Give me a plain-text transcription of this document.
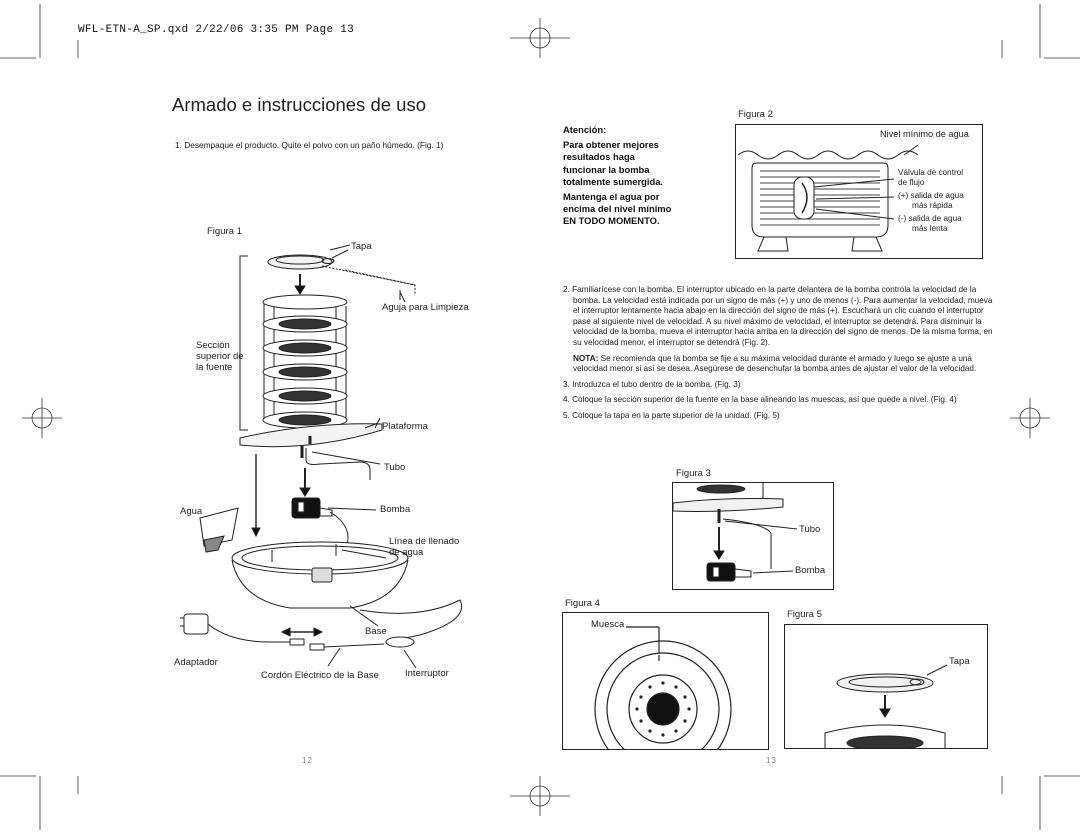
WFL-ETN-A_SP.qxd 2/22/06 3:35 PM Page 13
Armado e instrucciones de uso
1. Desempaque el producto. Quite el polvo con un paño húmedo. (Fig. 1)
Figura 1
Tapa
Aguja para Limpieza
Sección
superior de
la fuente
Plataforma
Tubo
Agua	Bomba
Línea de llenado
de agua
Base
Adaptador
Cordón Eléctrico de la Base	Interruptor
12

Atención:

Para obtener mejores
resultados haga
funcionar la bomba
totalmente sumergida.

Mantenga el agua por
encima del nivel mínimo
EN TODO MOMENTO.

Figura 2
Nivel mínimo de agua
Válvula de control
de flujo
(+) salida de agua
más rápida
(-) salida de agua
más lenta

2. Familiarícese con la bomba. El interruptor ubicado en la parte delantera de la bomba controla la velocidad de la bomba. La velocidad está indicada por un signo de más (+) y uno de menos (-). Para aumentar la velocidad, mueva el interruptor lentamente hacia abajo en la dirección del signo de más (+). Escuchará un clic cuando el interruptor pase al siguiente nivel de velocidad. A su nivel máximo de velocidad, el interruptor se detendrá. Para disminuir la velocidad de la bomba, mueva el interruptor hacia arriba en la dirección del signo de menos. De la misma forma, en su velocidad menor, el interruptor se detendrá (Fig. 2).

NOTA: Se recomienda que la bomba se fije a su máxima velocidad durante el armado y luego se ajuste a una velocidad menor si así se desea. Asegúrese de desenchufar la bomba antes de ajustar el valor de la velocidad.

3. Introduzca el tubo dentro de la bomba. (Fig. 3)

4. Coloque la sección superior de la fuente en la base alineando las muescas, así que quede a nivel. (Fig. 4)

5. Coloque la tapa en la parte superior de la unidad. (Fig. 5)

Figura 3
Tubo
Bomba
Figura 4
Muesca
Figura 5
Tapa
13
